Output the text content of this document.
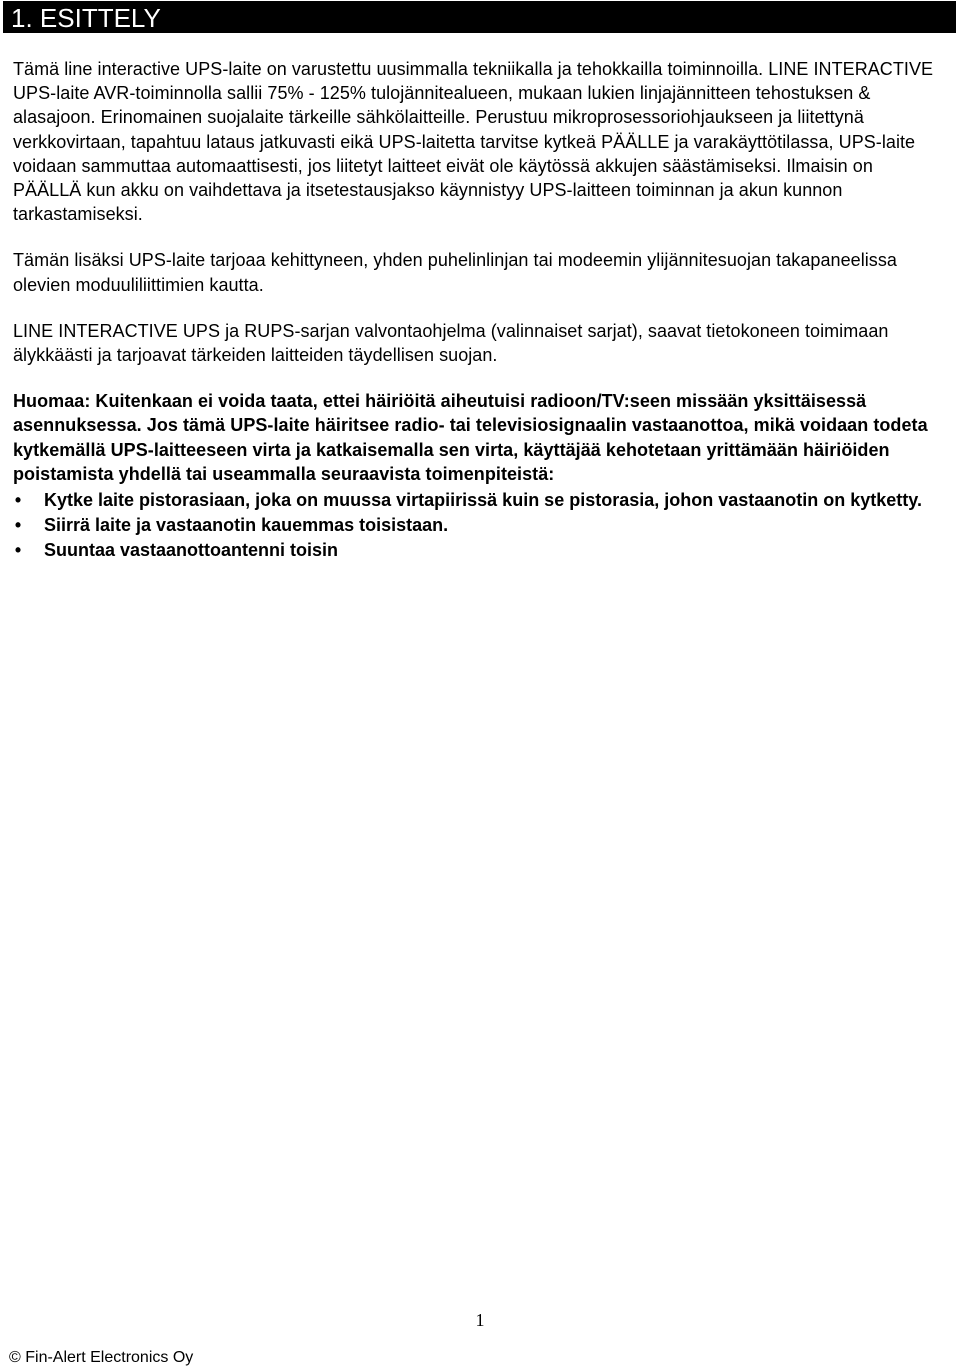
1. ESITTELY

Tämä line interactive UPS-laite on varustettu uusimmalla tekniikalla ja tehokkailla toiminnoilla. LINE INTERACTIVE UPS-laite AVR-toiminnolla sallii 75% - 125% tulojännitealueen, mukaan lukien linjajännitteen tehostuksen & alasajoon. Erinomainen suojalaite tärkeille sähkölaitteille. Perustuu mikroprosessoriohjaukseen ja liitettynä verkkovirtaan, tapahtuu lataus jatkuvasti eikä UPS-laitetta tarvitse kytkeä PÄÄLLE ja varakäyttötilassa, UPS-laite voidaan sammuttaa automaattisesti, jos liitetyt laitteet eivät ole käytössä akkujen säästämiseksi. Ilmaisin on PÄÄLLÄ kun akku on vaihdettava ja itsetestausjakso käynnistyy UPS-laitteen toiminnan ja akun kunnon tarkastamiseksi.

Tämän lisäksi UPS-laite tarjoaa kehittyneen, yhden puhelinlinjan tai modeemin ylijännitesuojan takapaneelissa olevien moduuliliittimien kautta.

LINE INTERACTIVE UPS ja RUPS-sarjan valvontaohjelma (valinnaiset sarjat), saavat tietokoneen toimimaan älykkäästi ja tarjoavat tärkeiden laitteiden täydellisen suojan.

Huomaa: Kuitenkaan ei voida taata, ettei häiriöitä aiheutuisi radioon/TV:seen missään yksittäisessä asennuksessa. Jos tämä UPS-laite häiritsee radio- tai televisiosignaalin vastaanottoa, mikä voidaan todeta kytkemällä UPS-laitteeseen virta ja katkaisemalla sen virta, käyttäjää kehotetaan yrittämään häiriöiden poistamista yhdellä tai useammalla seuraavista toimenpiteistä:

• Kytke laite pistorasiaan, joka on muussa virtapiirissä kuin se pistorasia, johon vastaanotin on kytketty.
• Siirrä laite ja vastaanotin kauemmas toisistaan.
• Suuntaa vastaanottoantenni toisin
1
© Fin-Alert Electronics Oy
